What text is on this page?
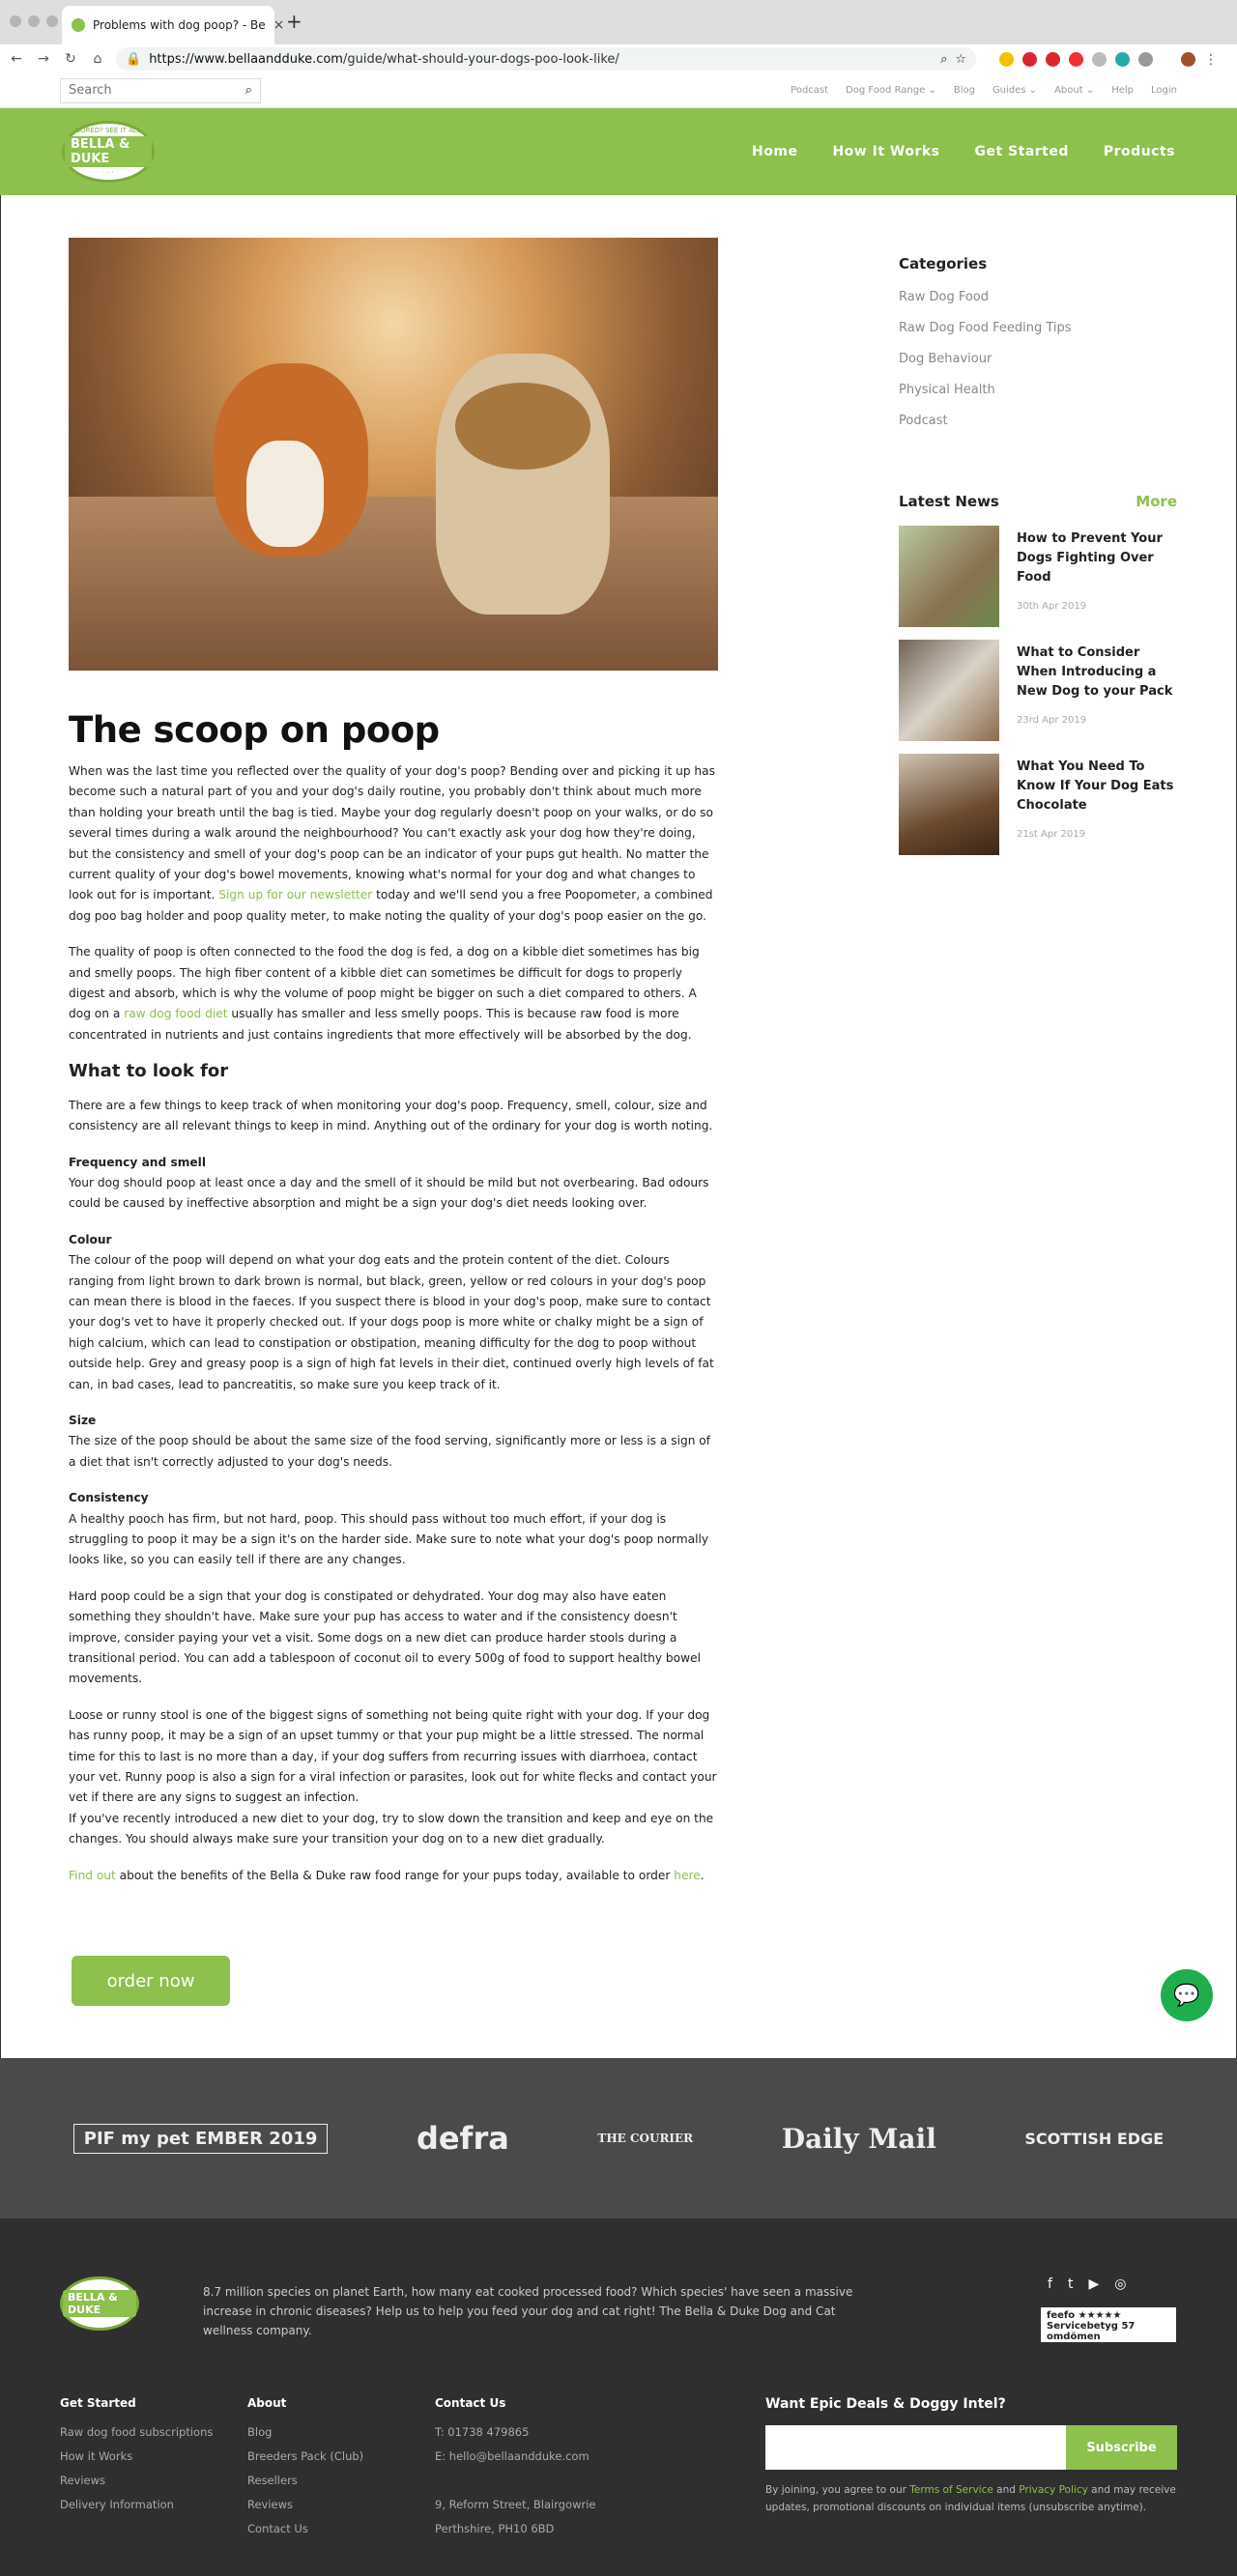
Problems with dog poop? - Be × +
← → ↻	⌂	🔒 https://www.bellaandduke.com/guide/what-should-your-dogs-poo-look-like/	⌕ ☆	⋮
Search
⌕	Podcast Dog Food Range ⌄ Blog Guides ⌄ About ⌄ Help Login
BORED? SEE IT ALL
BELLA & DUKE
· · ·
Home	How It Works	Get Started	Products
The scoop on poop

When was the last time you reflected over the quality of your dog's poop? Bending over and picking it up has become such a natural part of you and your dog's daily routine, you probably don't think about much more than holding your breath until the bag is tied. Maybe your dog regularly doesn't poop on your walks, or do so several times during a walk around the neighbourhood? You can't exactly ask your dog how they're doing, but the consistency and smell of your dog's poop can be an indicator of your pups gut health. No matter the current quality of your dog's bowel movements, knowing what's normal for your dog and what changes to look out for is important. Sign up for our newsletter today and we'll send you a free Poopometer, a combined dog poo bag holder and poop quality meter, to make noting the quality of your dog's poop easier on the go.

The quality of poop is often connected to the food the dog is fed, a dog on a kibble diet sometimes has big and smelly poops. The high fiber content of a kibble diet can sometimes be difficult for dogs to properly digest and absorb, which is why the volume of poop might be bigger on such a diet compared to others. A dog on a raw dog food diet usually has smaller and less smelly poops. This is because raw food is more concentrated in nutrients and just contains ingredients that more effectively will be absorbed by the dog.

What to look for

There are a few things to keep track of when monitoring your dog's poop. Frequency, smell, colour, size and consistency are all relevant things to keep in mind. Anything out of the ordinary for your dog is worth noting.

Frequency and smell

Your dog should poop at least once a day and the smell of it should be mild but not overbearing. Bad odours could be caused by ineffective absorption and might be a sign your dog's diet needs looking over.

Colour

The colour of the poop will depend on what your dog eats and the protein content of the diet. Colours ranging from light brown to dark brown is normal, but black, green, yellow or red colours in your dog's poop can mean there is blood in the faeces. If you suspect there is blood in your dog's poop, make sure to contact your dog's vet to have it properly checked out. If your dogs poop is more white or chalky might be a sign of high calcium, which can lead to constipation or obstipation, meaning difficulty for the dog to poop without outside help. Grey and greasy poop is a sign of high fat levels in their diet, continued overly high levels of fat can, in bad cases, lead to pancreatitis, so make sure you keep track of it.

Size

The size of the poop should be about the same size of the food serving, significantly more or less is a sign of a diet that isn't correctly adjusted to your dog's needs.

Consistency

A healthy pooch has firm, but not hard, poop. This should pass without too much effort, if your dog is struggling to poop it may be a sign it's on the harder side. Make sure to note what your dog's poop normally looks like, so you can easily tell if there are any changes.

Hard poop could be a sign that your dog is constipated or dehydrated. Your dog may also have eaten something they shouldn't have. Make sure your pup has access to water and if the consistency doesn't improve, consider paying your vet a visit. Some dogs on a new diet can produce harder stools during a transitional period. You can add a tablespoon of coconut oil to every 500g of food to support healthy bowel movements.

Loose or runny stool is one of the biggest signs of something not being quite right with your dog. If your dog has runny poop, it may be a sign of an upset tummy or that your pup might be a little stressed. The normal time for this to last is no more than a day, if your dog suffers from recurring issues with diarrhoea, contact your vet. Runny poop is also a sign for a viral infection or parasites, look out for white flecks and contact your vet if there are any signs to suggest an infection.

If you've recently introduced a new diet to your dog, try to slow down the transition and keep and eye on the changes. You should always make sure your transition your dog on to a new diet gradually.

Find out about the benefits of the Bella & Duke raw food range for your pups today, available to order here.

order now
💬
Categories
Raw Dog Food
Raw Dog Food Feeding Tips
Dog Behaviour
Physical Health
Podcast
Latest News	More
How to Prevent Your Dogs Fighting Over Food
30th Apr 2019
What to Consider When Introducing a New Dog to your Pack
23rd Apr 2019
What You Need To Know If Your Dog Eats Chocolate
21st Apr 2019
PIF my pet EMBER 2019	defra	THE COURIER	Daily Mail	SCOTTISH EDGE
BELLA & DUKE
8.7 million species on planet Earth, how many eat cooked processed food? Which species' have seen a massive increase in chronic diseases? Help us to help you feed your dog and cat right! The Bella & Duke Dog and Cat wellness company.
f t ▶ ◎
feefo ★★★★★ Servicebetyg 57 omdömen
Get Started
Raw dog food subscriptions
How it Works
Reviews
Delivery Information
About
Blog
Breeders Pack (Club)
Resellers
Reviews
Contact Us
Contact Us
T: 01738 479865
E: hello@bellaandduke.com
9, Reform Street, Blairgowrie
Perthshire, PH10 6BD
Want Epic Deals & Doggy Intel?
Subscribe
By joining, you agree to our Terms of Service and Privacy Policy and may receive updates, promotional discounts on individual items (unsubscribe anytime).
